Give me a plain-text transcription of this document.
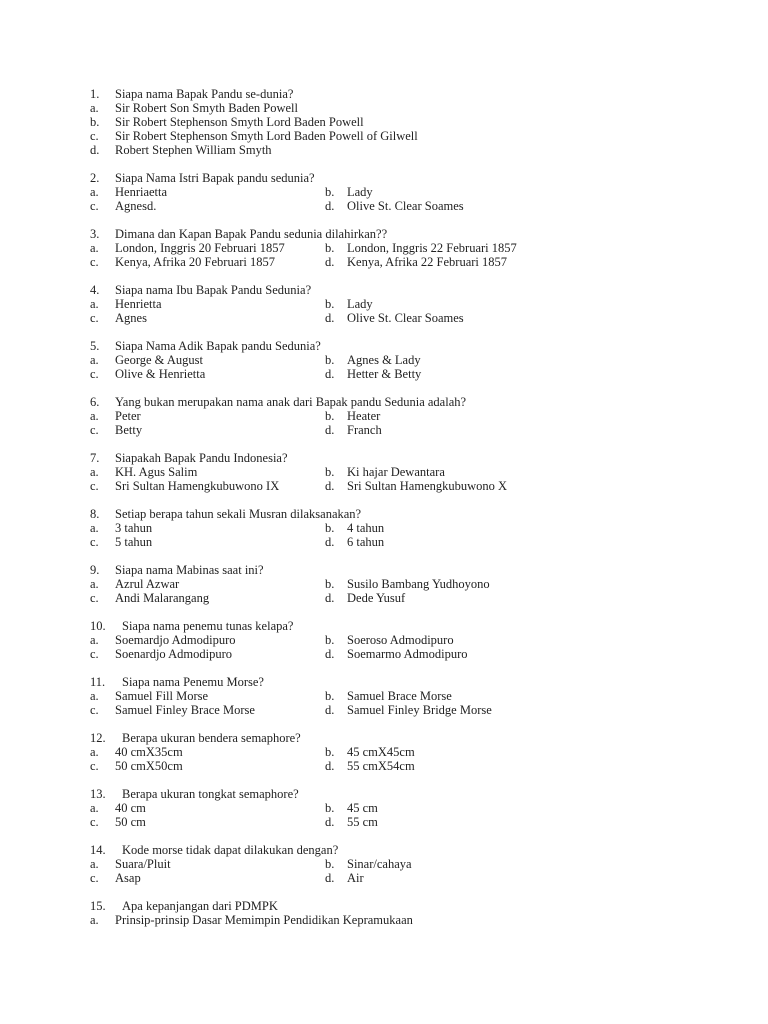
1. Siapa nama Bapak Pandu se-dunia?
a. Sir Robert Son Smyth Baden Powell
b. Sir Robert Stephenson Smyth Lord Baden Powell
c. Sir Robert Stephenson Smyth Lord Baden Powell of Gilwell
d. Robert Stephen William Smyth
2. Siapa Nama Istri Bapak pandu sedunia?
a. Henriaetta	b. Lady
c. Agnesd.	d. Olive St. Clear Soames
3. Dimana dan Kapan Bapak Pandu sedunia dilahirkan??
a. London, Inggris 20 Februari 1857	b. London, Inggris 22 Februari 1857
c. Kenya, Afrika 20 Februari 1857	d. Kenya, Afrika 22 Februari 1857
4. Siapa nama Ibu Bapak Pandu Sedunia?
a. Henrietta	b. Lady
c. Agnes	d. Olive St. Clear Soames
5. Siapa Nama Adik Bapak pandu Sedunia?
a. George & August	b. Agnes & Lady
c. Olive & Henrietta	d. Hetter & Betty
6. Yang bukan merupakan nama anak dari Bapak pandu Sedunia adalah?
a. Peter	b. Heater
c. Betty	d. Franch
7. Siapakah Bapak Pandu Indonesia?
a. KH. Agus Salim	b. Ki hajar Dewantara
c. Sri Sultan Hamengkubuwono IX	d. Sri Sultan Hamengkubuwono X
8. Setiap berapa tahun sekali Musran dilaksanakan?
a. 3 tahun	b. 4 tahun
c. 5 tahun	d. 6 tahun
9. Siapa nama Mabinas saat ini?
a. Azrul Azwar	b. Susilo Bambang Yudhoyono
c. Andi Malarangang	d. Dede Yusuf
10. Siapa nama penemu tunas kelapa?
a. Soemardjo Admodipuro	b. Soeroso Admodipuro
c. Soenardjo Admodipuro	d. Soemarmo Admodipuro
11. Siapa nama Penemu Morse?
a. Samuel Fill Morse	b. Samuel Brace Morse
c. Samuel Finley Brace Morse	d. Samuel Finley Bridge Morse
12. Berapa ukuran bendera semaphore?
a. 40 cmX35cm	b. 45 cmX45cm
c. 50 cmX50cm	d. 55 cmX54cm
13. Berapa ukuran tongkat semaphore?
a. 40 cm	b. 45 cm
c. 50 cm	d. 55 cm
14. Kode morse tidak dapat dilakukan dengan?
a. Suara/Pluit	b. Sinar/cahaya
c. Asap	d. Air
15. Apa kepanjangan dari PDMPK
a. Prinsip-prinsip Dasar Memimpin Pendidikan Kepramukaan
